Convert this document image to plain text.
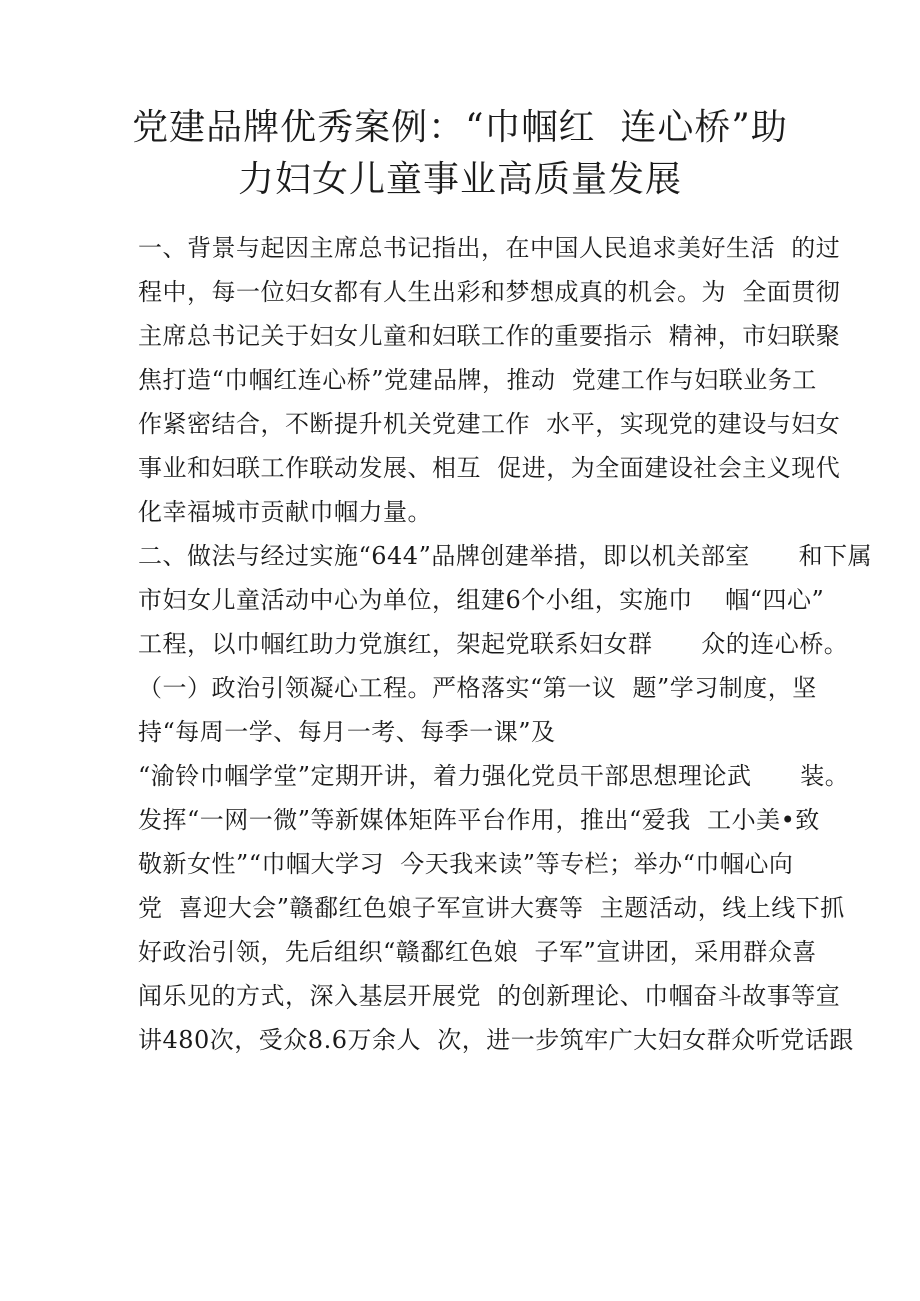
党建品牌优秀案例：“巾帼红  连心桥”助
力妇女儿童事业高质量发展
一、背景与起因主席总书记指出，在中国人民追求美好生活  的过
程中，每一位妇女都有人生出彩和梦想成真的机会。为  全面贯彻
主席总书记关于妇女儿童和妇联工作的重要指示  精神，市妇联聚
焦打造“巾帼红连心桥”党建品牌，推动  党建工作与妇联业务工
作紧密结合，不断提升机关党建工作  水平，实现党的建设与妇女
事业和妇联工作联动发展、相互  促进，为全面建设社会主义现代
化幸福城市贡献巾帼力量。
二、做法与经过实施“644”品牌创建举措，即以机关部室      和下属
市妇女儿童活动中心为单位，组建6个小组，实施巾    帼“四心”
工程，以巾帼红助力党旗红，架起党联系妇女群      众的连心桥。
（一）政治引领凝心工程。严格落实“第一议  题”学习制度，坚
持“每周一学、每月一考、每季一课”及
“渝铃巾帼学堂”定期开讲，着力强化党员干部思想理论武      装。
发挥“一网一微”等新媒体矩阵平台作用，推出“爱我  工小美•致
敬新女性”“巾帼大学习  今天我来读”等专栏；举办“巾帼心向
党  喜迎大会”赣鄱红色娘子军宣讲大赛等  主题活动，线上线下抓
好政治引领，先后组织“赣鄱红色娘  子军”宣讲团，采用群众喜
闻乐见的方式，深入基层开展党  的创新理论、巾帼奋斗故事等宣
讲480次，受众8.6万余人  次，进一步筑牢广大妇女群众听党话跟
